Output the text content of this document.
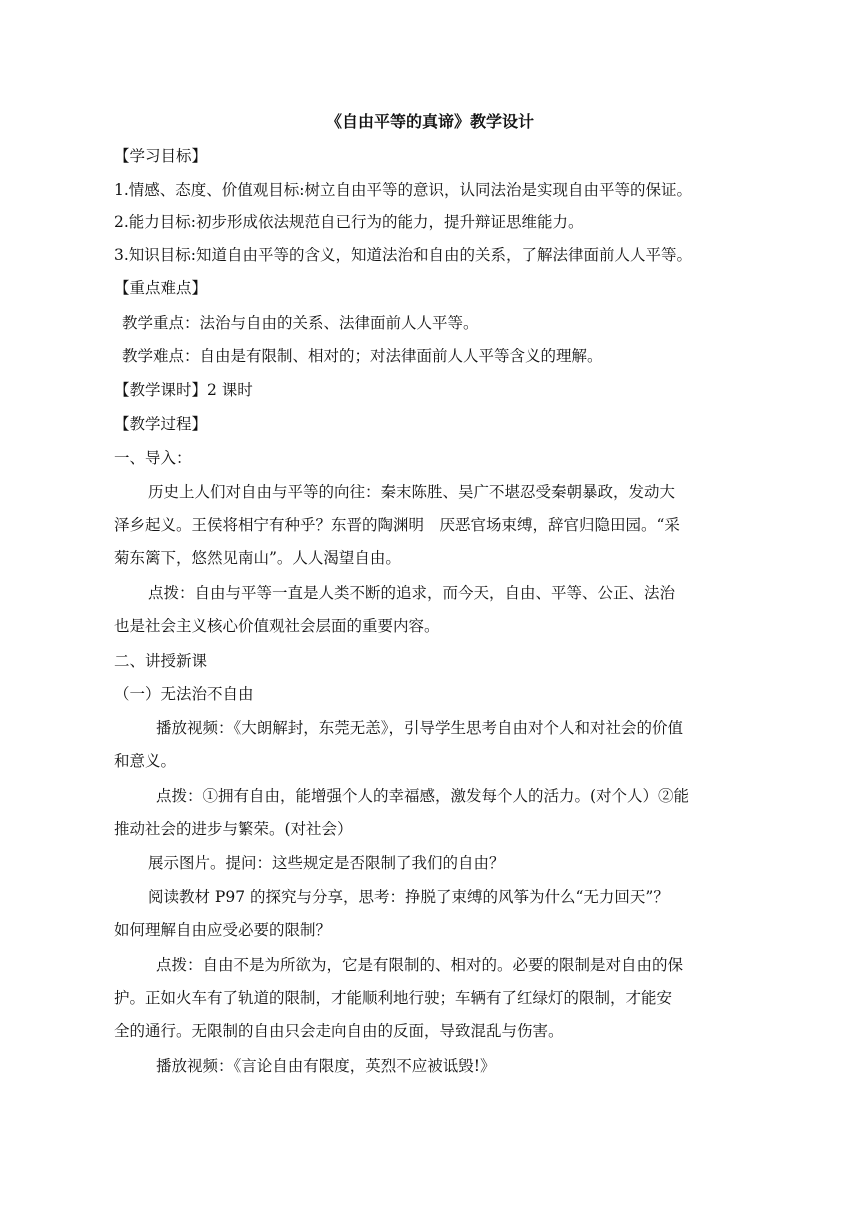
《自由平等的真谛》教学设计
【学习目标】
1.情感、态度、价值观目标:树立自由平等的意识，认同法治是实现自由平等的保证。
2.能力目标:初步形成依法规范自已行为的能力，提升辩证思维能力。
3.知识目标:知道自由平等的含义，知道法治和自由的关系，了解法律面前人人平等。
【重点难点】
教学重点：法治与自由的关系、法律面前人人平等。
教学难点：自由是有限制、相对的；对法律面前人人平等含义的理解。
【教学课时】2 课时
【教学过程】
一、导入：
历史上人们对自由与平等的向往：秦末陈胜、吴广不堪忍受秦朝暴政，发动大
泽乡起义。王侯将相宁有种乎？东晋的陶渊明　厌恶官场束缚，辞官归隐田园。“采
菊东篱下，悠然见南山”。人人渴望自由。
点拨：自由与平等一直是人类不断的追求，而今天，自由、平等、公正、法治
也是社会主义核心价值观社会层面的重要内容。
二、讲授新课
（一）无法治不自由
播放视频：《大朗解封，东莞无恙》，引导学生思考自由对个人和对社会的价值
和意义。
点拨：①拥有自由，能增强个人的幸福感，激发每个人的活力。(对个人）②能
推动社会的进步与繁荣。(对社会）
展示图片。提问：这些规定是否限制了我们的自由？
阅读教材 P97 的探究与分享，思考：挣脱了束缚的风筝为什么“无力回天”？
如何理解自由应受必要的限制？
点拨：自由不是为所欲为，它是有限制的、相对的。必要的限制是对自由的保
护。正如火车有了轨道的限制，才能顺利地行驶；车辆有了红绿灯的限制，才能安
全的通行。无限制的自由只会走向自由的反面，导致混乱与伤害。
播放视频：《言论自由有限度，英烈不应被诋毁!》
